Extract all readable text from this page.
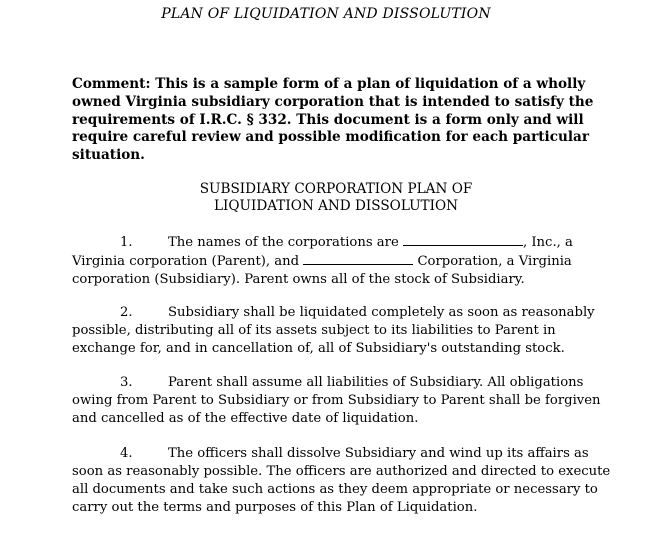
PLAN OF LIQUIDATION AND DISSOLUTION
Comment: This is a sample form of a plan of liquidation of a wholly owned Virginia subsidiary corporation that is intended to satisfy the requirements of I.R.C. § 332. This document is a form only and will require careful review and possible modification for each particular situation.
SUBSIDIARY CORPORATION PLAN OF
LIQUIDATION AND DISSOLUTION
1.	The names of the corporations are	, Inc., a Virginia corporation (Parent), and	Corporation, a Virginia corporation (Subsidiary). Parent owns all of the stock of Subsidiary.
2.	Subsidiary shall be liquidated completely as soon as reasonably possible, distributing all of its assets subject to its liabilities to Parent in exchange for, and in cancellation of, all of Subsidiary's outstanding stock.
3.	Parent shall assume all liabilities of Subsidiary. All obligations owing from Parent to Subsidiary or from Subsidiary to Parent shall be forgiven and cancelled as of the effective date of liquidation.
4.	The officers shall dissolve Subsidiary and wind up its affairs as soon as reasonably possible. The officers are authorized and directed to execute all documents and take such actions as they deem appropriate or necessary to carry out the terms and purposes of this Plan of Liquidation.
